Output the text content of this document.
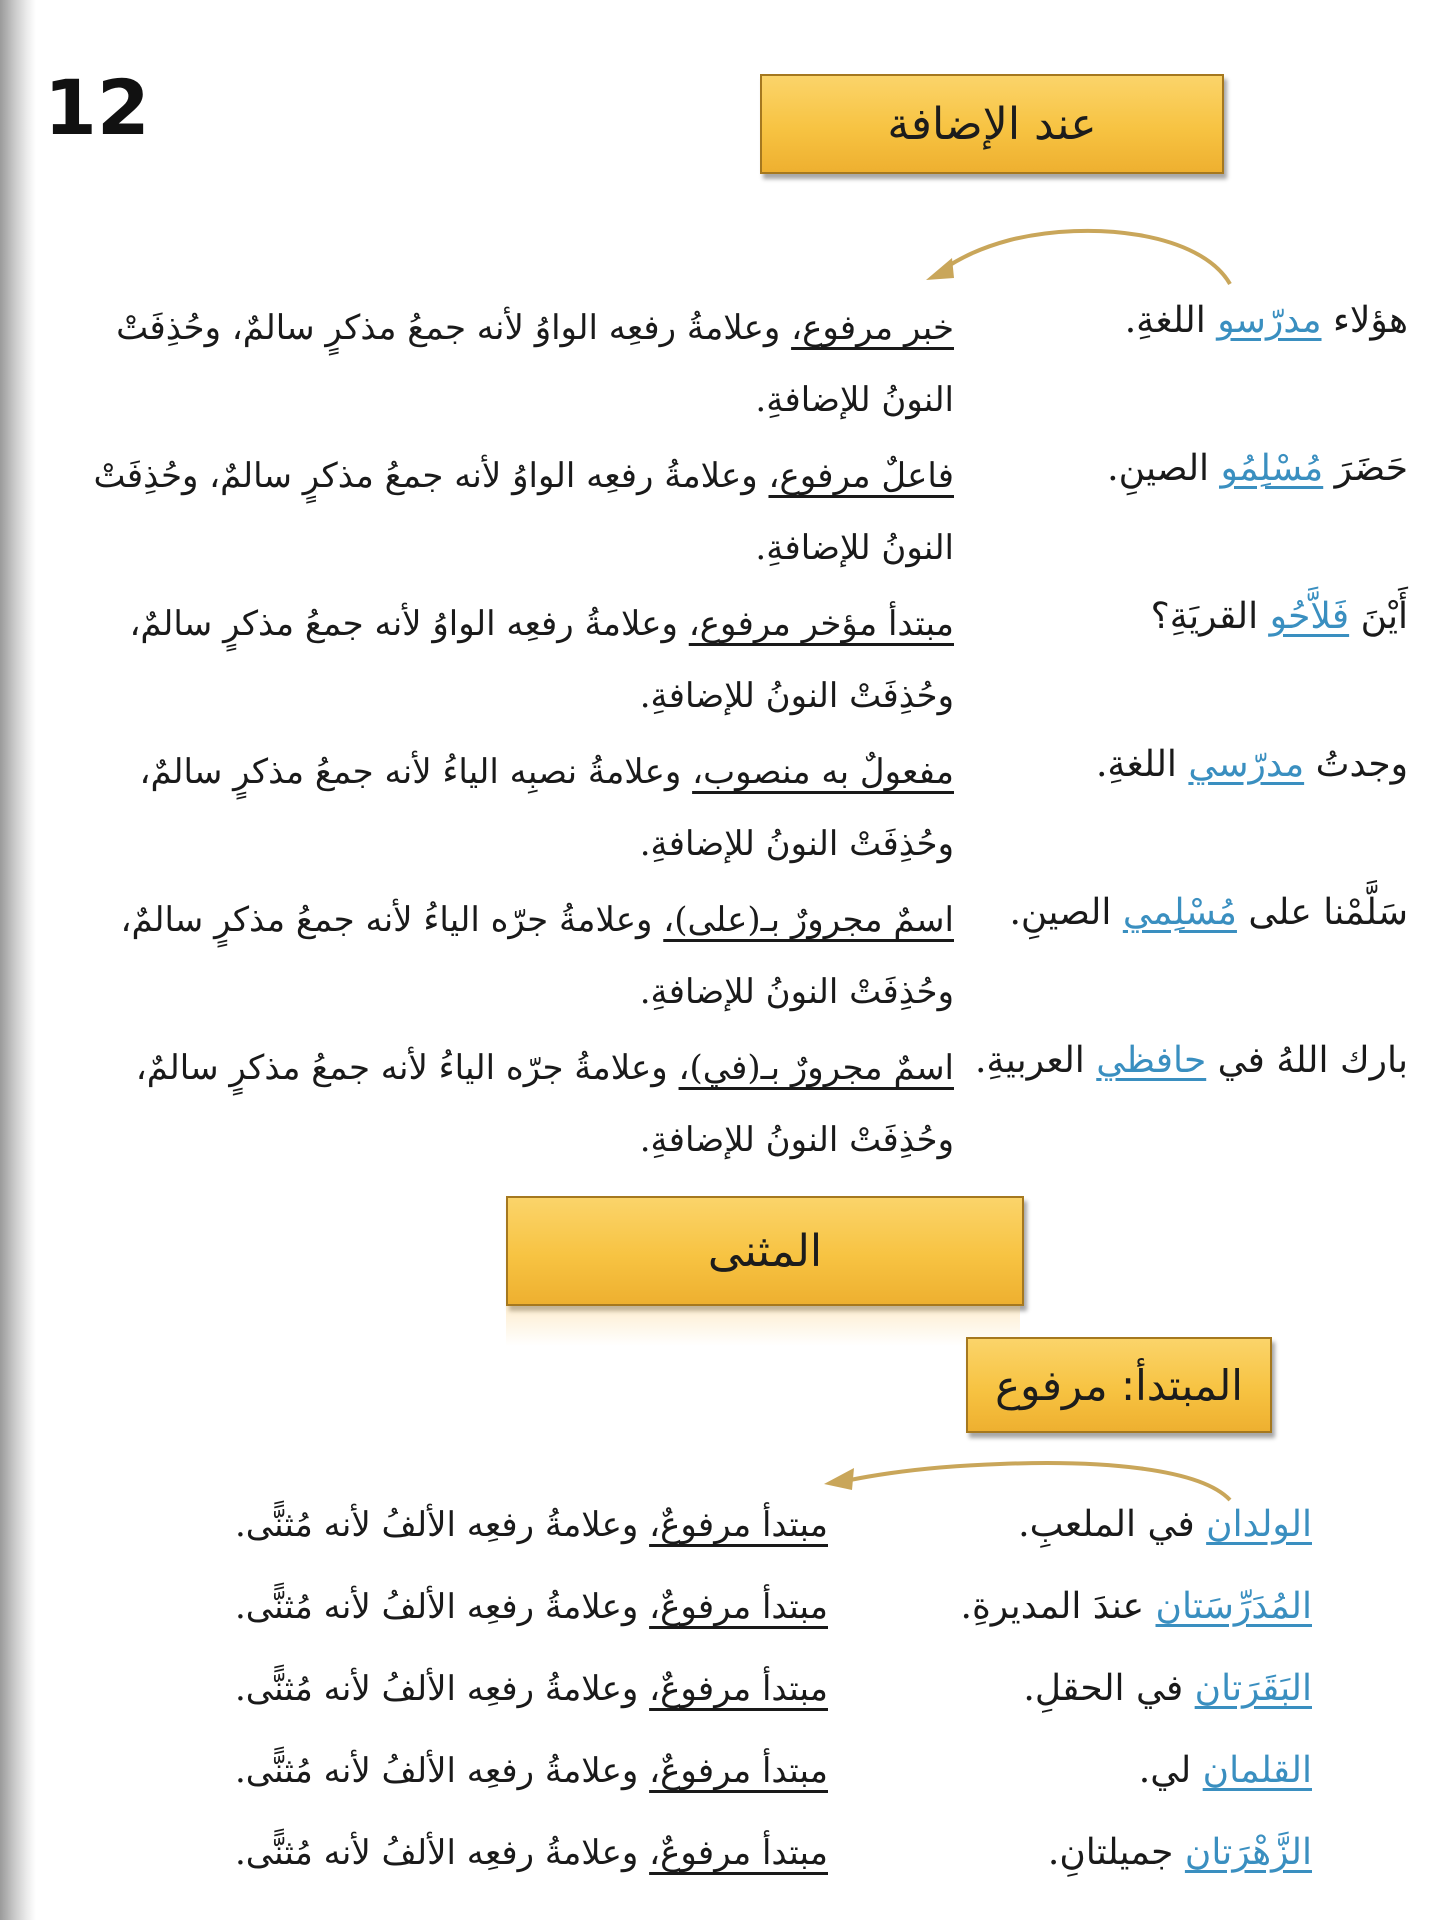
12	عند الإضافة
هؤلاء مدرّسو اللغةِ.
خبر مرفوع، وعلامةُ رفعِه الواوُ لأنه جمعُ مذكرٍ سالمٌ، وحُذِفَتْ النونُ للإضافةِ.
حَضَرَ مُسْلِمُو الصينِ.
فاعلٌ مرفوع، وعلامةُ رفعِه الواوُ لأنه جمعُ مذكرٍ سالمٌ، وحُذِفَتْ النونُ للإضافةِ.
أَيْنَ فَلاَّحُو القريَةِ؟
مبتدأ مؤخر مرفوع، وعلامةُ رفعِه الواوُ لأنه جمعُ مذكرٍ سالمٌ، وحُذِفَتْ النونُ للإضافةِ.
وجدتُ مدرّسي اللغةِ.
مفعولٌ به منصوب، وعلامةُ نصبِه الياءُ لأنه جمعُ مذكرٍ سالمٌ، وحُذِفَتْ النونُ للإضافةِ.
سَلَّمْنا على مُسْلِمي الصينِ.
اسمٌ مجرورٌ بـ(على)، وعلامةُ جرّه الياءُ لأنه جمعُ مذكرٍ سالمٌ، وحُذِفَتْ النونُ للإضافةِ.
بارك اللهُ في حافظي العربيةِ.
اسمٌ مجرورٌ بـ(في)، وعلامةُ جرّه الياءُ لأنه جمعُ مذكرٍ سالمٌ، وحُذِفَتْ النونُ للإضافةِ.
المثنى
المبتدأ: مرفوع
الولدان في الملعبِ.
مبتدأ مرفوعٌ، وعلامةُ رفعِه الألفُ لأنه مُثنًّى.
المُدَرِّسَتان عندَ المديرةِ.
مبتدأ مرفوعٌ، وعلامةُ رفعِه الألفُ لأنه مُثنًّى.
البَقَرَتان في الحقلِ.
مبتدأ مرفوعٌ، وعلامةُ رفعِه الألفُ لأنه مُثنًّى.
القلمان لي.
مبتدأ مرفوعٌ، وعلامةُ رفعِه الألفُ لأنه مُثنًّى.
الزَّهْرَتان جميلتانِ.
مبتدأ مرفوعٌ، وعلامةُ رفعِه الألفُ لأنه مُثنًّى.
